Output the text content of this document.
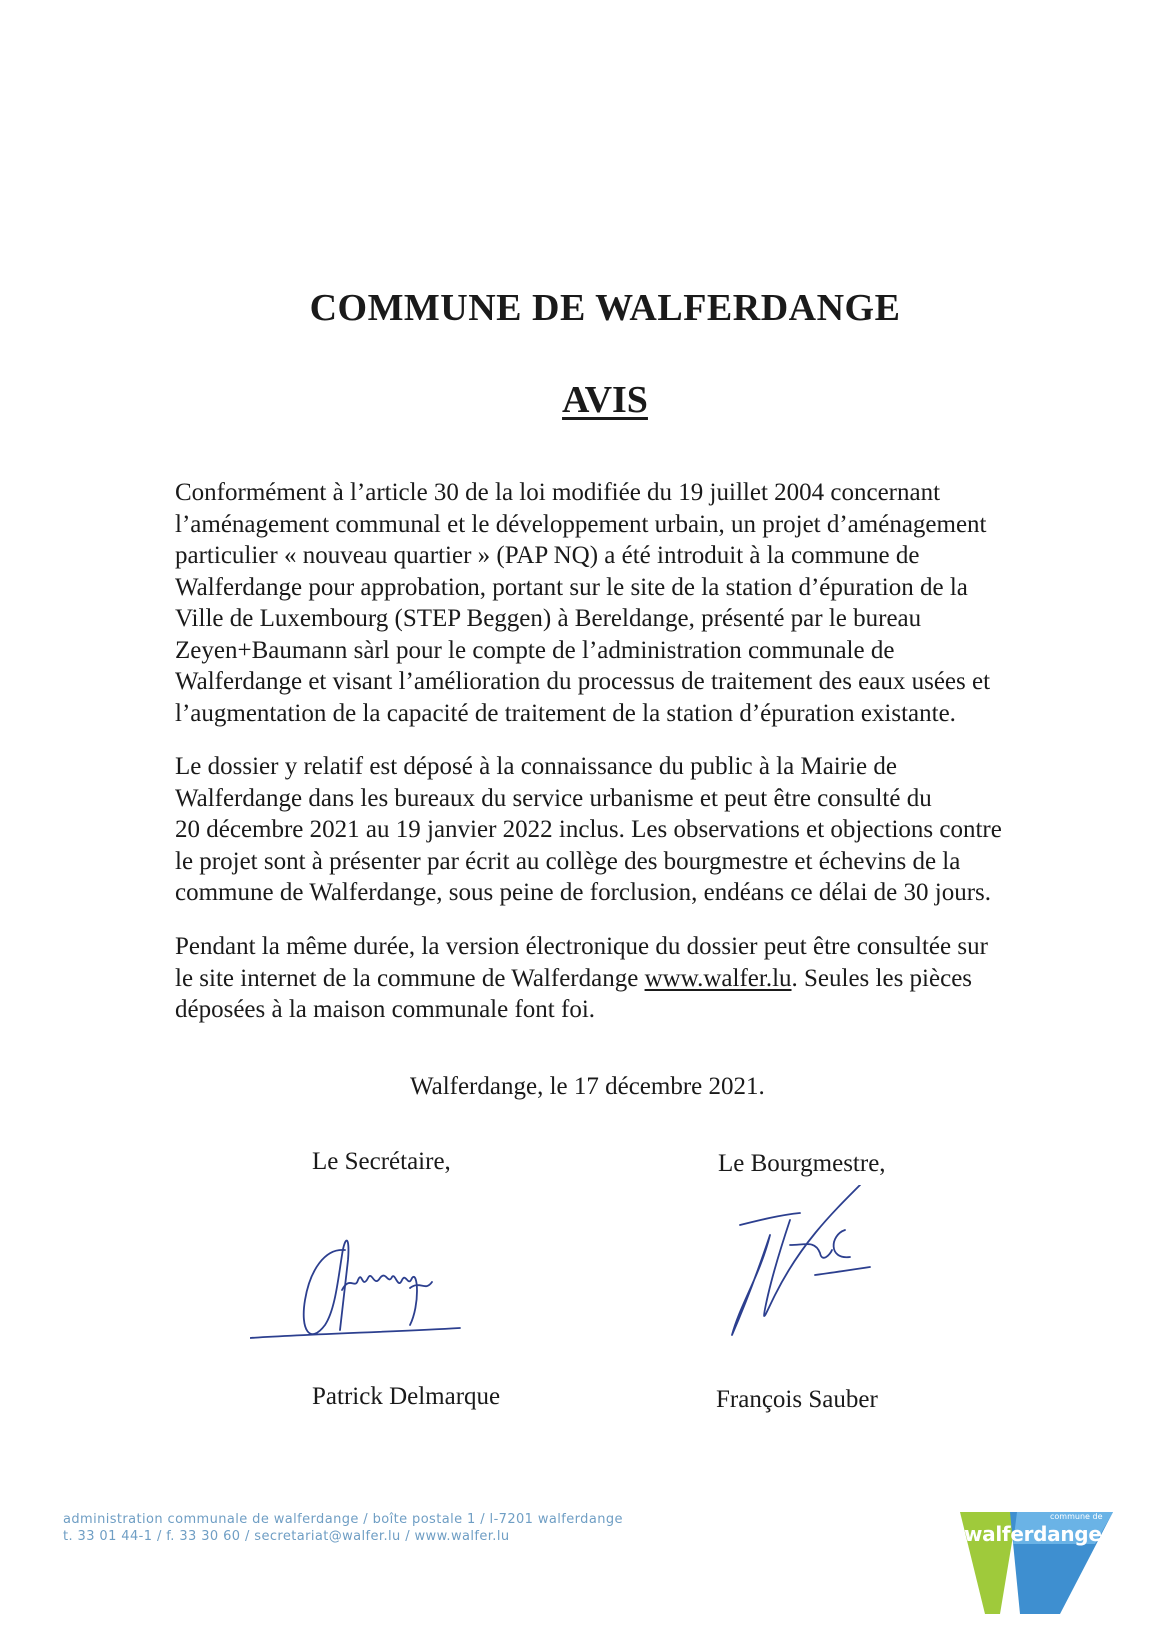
COMMUNE DE WALFERDANGE
AVIS

Conformément à l’article 30 de la loi modifiée du 19 juillet 2004 concernant
l’aménagement communal et le développement urbain, un projet d’aménagement
particulier « nouveau quartier » (PAP NQ) a été introduit à la commune de
Walferdange pour approbation, portant sur le site de la station d’épuration de la
Ville de Luxembourg (STEP Beggen) à Bereldange, présenté par le bureau
Zeyen+Baumann sàrl pour le compte de l’administration communale de
Walferdange et visant l’amélioration du processus de traitement des eaux usées et
l’augmentation de la capacité de traitement de la station d’épuration existante.

Le dossier y relatif est déposé à la connaissance du public à la Mairie de
Walferdange dans les bureaux du service urbanisme et peut être consulté du
20 décembre 2021 au 19 janvier 2022 inclus. Les observations et objections contre
le projet sont à présenter par écrit au collège des bourgmestre et échevins de la
commune de Walferdange, sous peine de forclusion, endéans ce délai de 30 jours.

Pendant la même durée, la version électronique du dossier peut être consultée sur
le site internet de la commune de Walferdange www.walfer.lu. Seules les pièces
déposées à la maison communale font foi.

Walferdange, le 17 décembre 2021.
Le Secrétaire,	Le Bourgmestre,
Patrick Delmarque	François Sauber
administration communale de walferdange / boîte postale 1 / l-7201 walferdange
t. 33 01 44-1 / f. 33 30 60 / secretariat@walfer.lu / www.walfer.lu
commune de
walferdange
